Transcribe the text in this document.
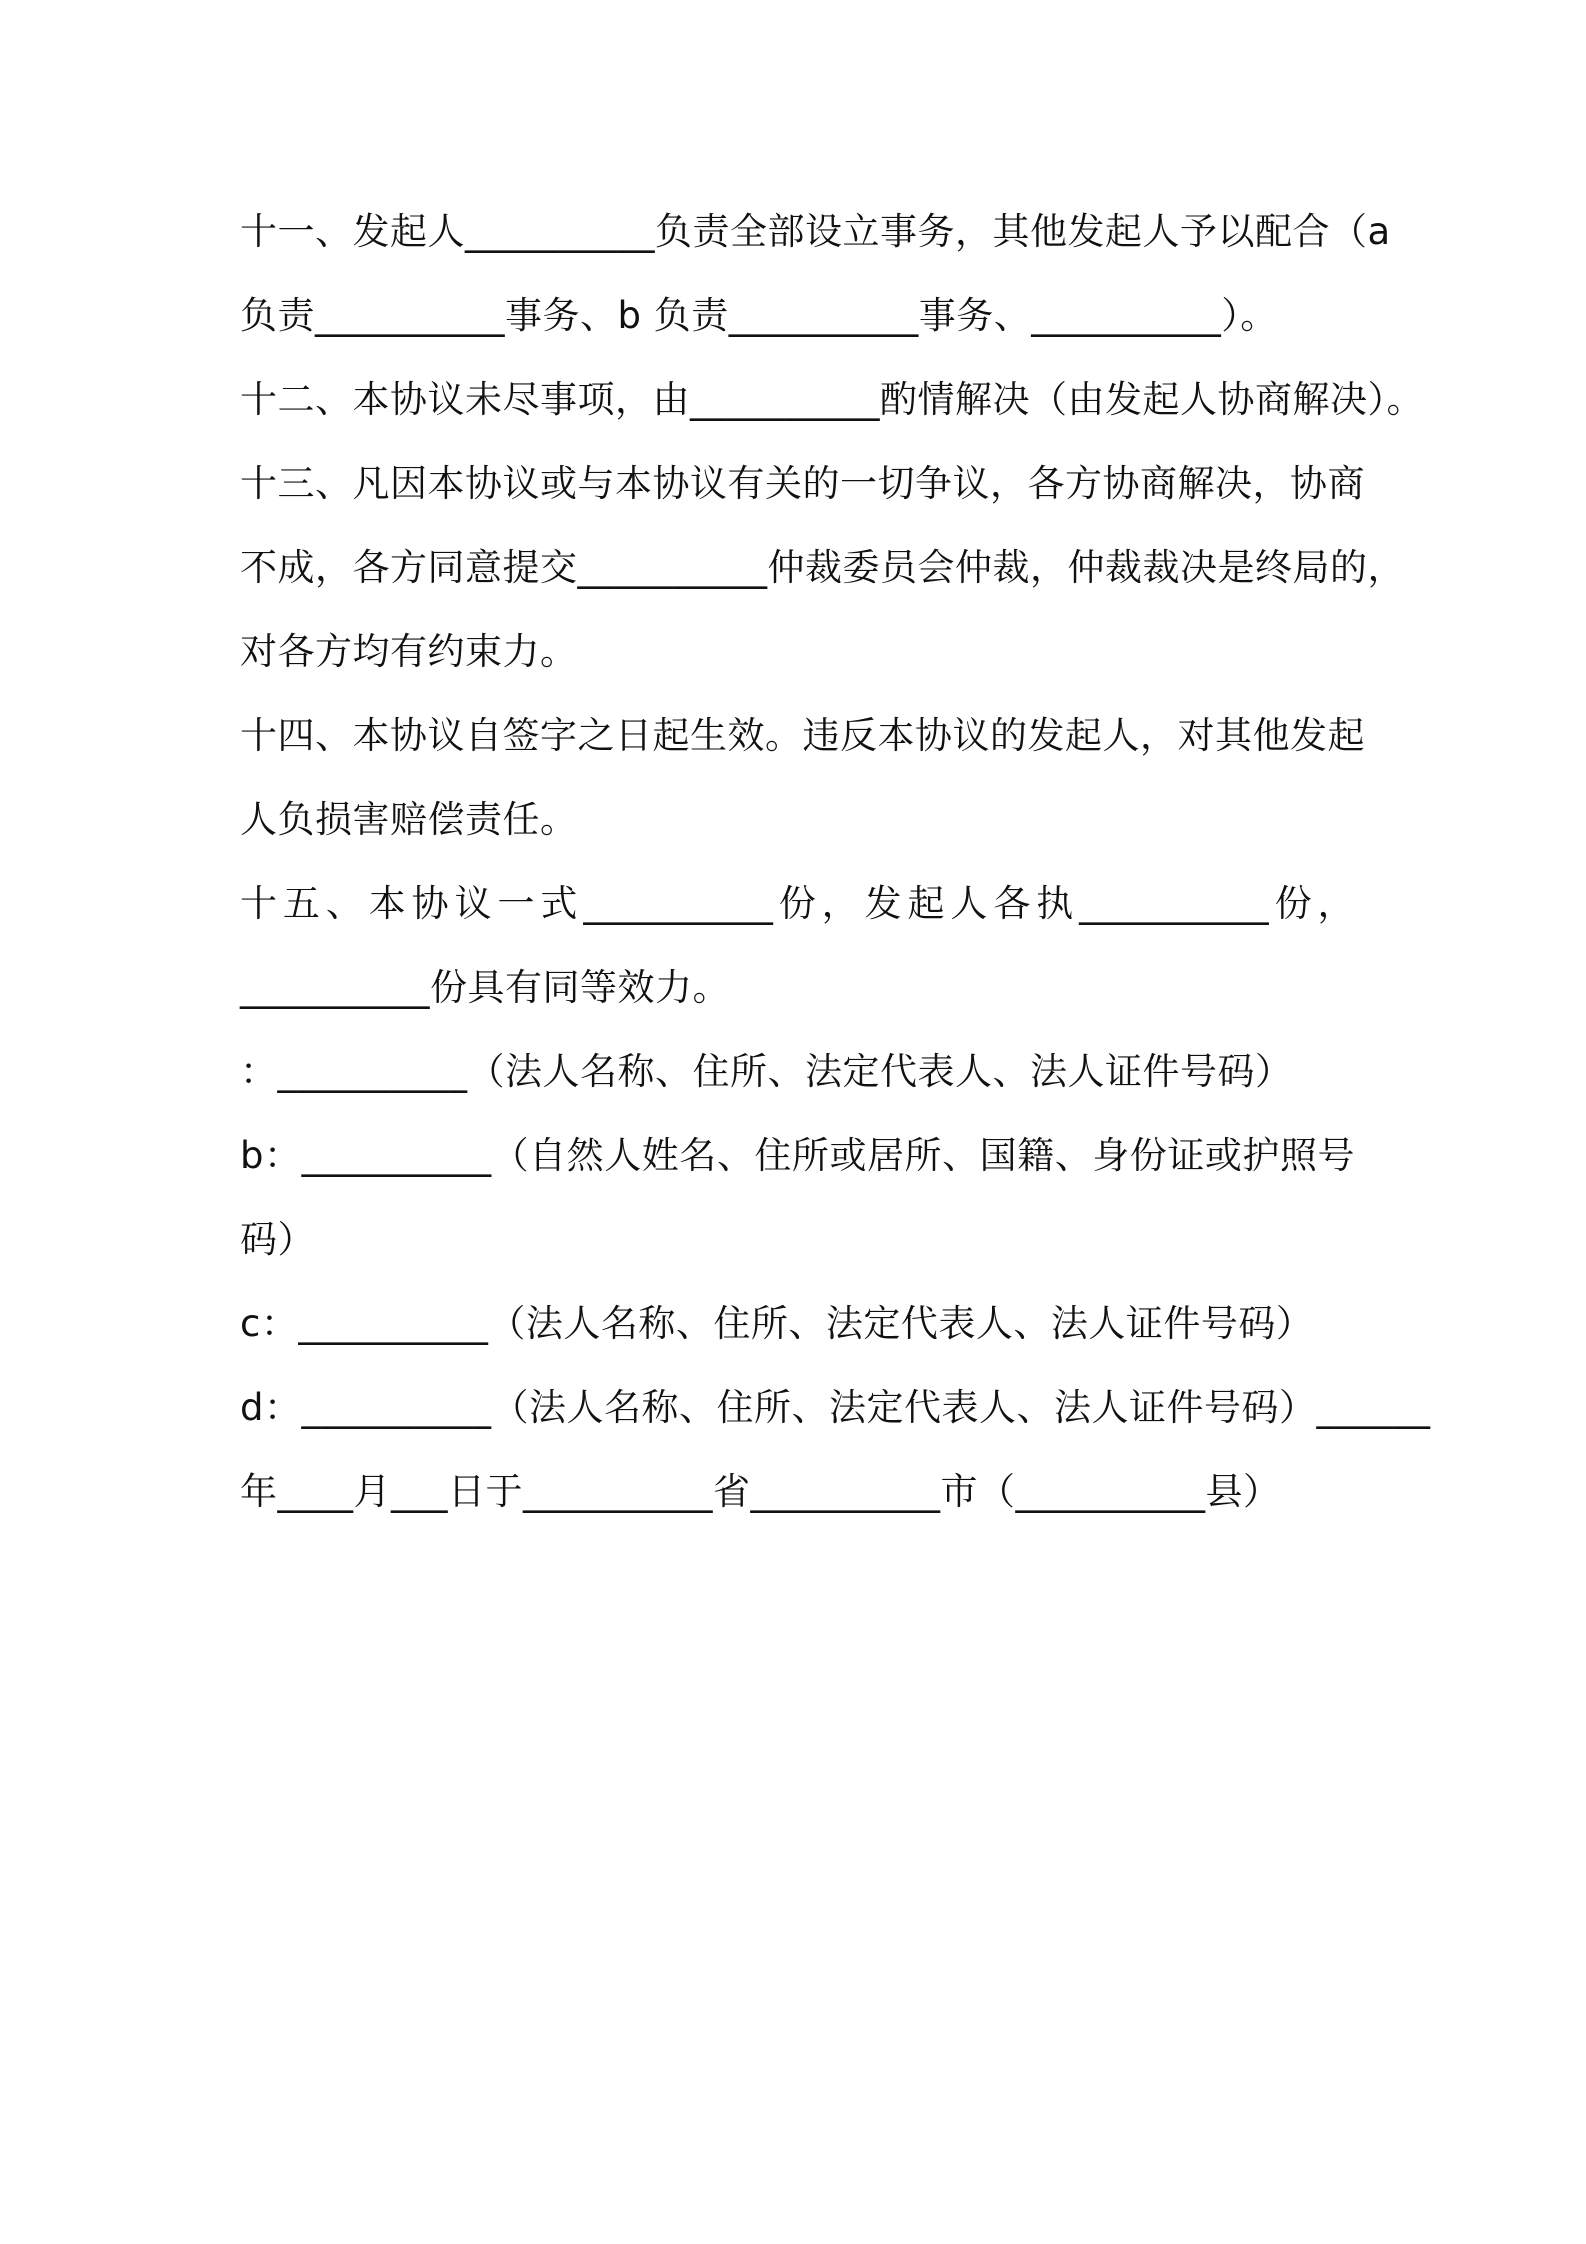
十一、发起人__________负责全部设立事务，其他发起人予以配合（a
负责__________事务、b 负责__________事务、__________）。
十二、本协议未尽事项，由__________酌情解决（由发起人协商解决）。
十三、凡因本协议或与本协议有关的一切争议，各方协商解决，协商
不成，各方同意提交__________仲裁委员会仲裁，仲裁裁决是终局的，
对各方均有约束力。
十四、本协议自签字之日起生效。违反本协议的发起人，对其他发起
人负损害赔偿责任。
十五、本协议一式__________份，发起人各执__________份，
__________份具有同等效力。
：__________（法人名称、住所、法定代表人、法人证件号码）
b：__________（自然人姓名、住所或居所、国籍、身份证或护照号
码）
c：__________（法人名称、住所、法定代表人、法人证件号码）
d：__________（法人名称、住所、法定代表人、法人证件号码）______
年____月___日于__________省__________市（__________县）
